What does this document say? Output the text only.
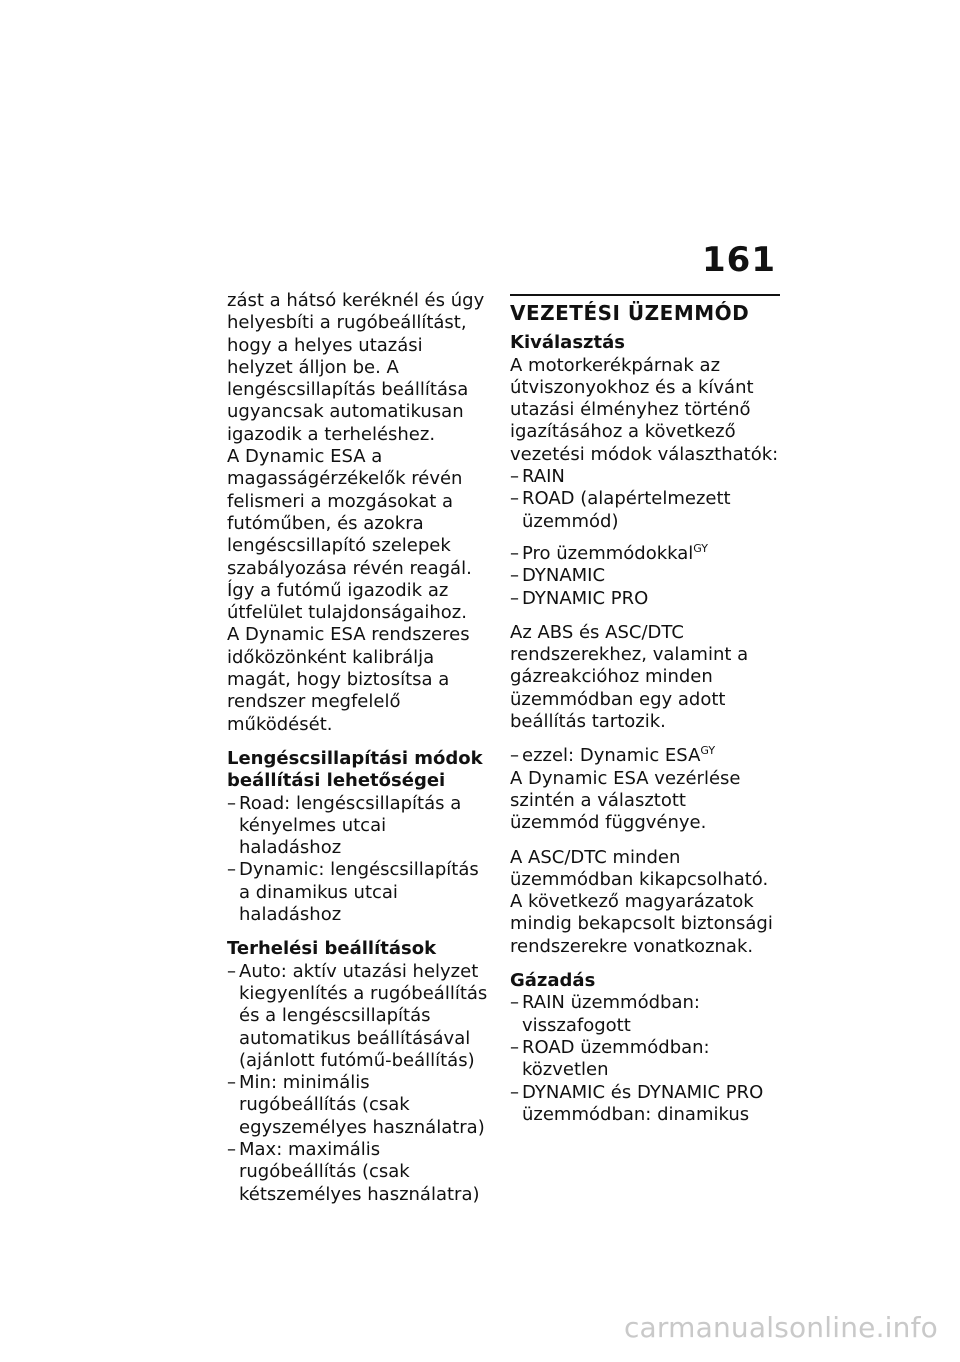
161

zást a hátsó keréknél és úgy helyesbíti a rugóbeállítást, hogy a helyes utazási helyzet álljon be. A lengéscsillapítás beállítása ugyancsak automatikusan igazodik a terheléshez.

A Dynamic ESA a magasságérzékelők révén felismeri a mozgásokat a futóműben, és azokra lengéscsillapító szelepek szabályozása révén reagál. Így a futómű igazodik az útfelület tulajdonságaihoz.

A Dynamic ESA rendszeres időközönként kalibrálja magát, hogy biztosítsa a rendszer megfelelő működését.

Lengéscsillapítási módok beállítási lehetőségei

– Road: lengéscsillapítás a kényelmes utcai haladáshoz
– Dynamic: lengéscsillapítás a dinamikus utcai haladáshoz

Terhelési beállítások

– Auto: aktív utazási helyzet kiegyenlítés a rugóbeállítás és a lengéscsillapítás automatikus beállításával (ajánlott futómű-beállítás)
– Min: minimális rugóbeállítás (csak egyszemélyes használatra)
– Max: maximális rugóbeállítás (csak kétszemélyes használatra)
VEZETÉSI ÜZEMMÓD

Kiválasztás

A motorkerékpárnak az útviszonyokhoz és a kívánt utazási élményhez történő igazításához a következő vezetési módok választhatók:

– RAIN
– ROAD (alapértelmezett üzemmód)
– Pro üzemmódokkal$^{GY}$
– DYNAMIC
– DYNAMIC PRO

Az ABS és ASC/DTC rendszerekhez, valamint a gázreakcióhoz minden üzemmódban egy adott beállítás tartozik.

– ezzel: Dynamic $ESA^{GY}$

A Dynamic ESA vezérlése szintén a választott üzemmód függvénye.

A ASC/DTC minden üzemmódban kikapcsolható. A következő magyarázatok mindig bekapcsolt biztonsági rendszerekre vonatkoznak.

Gázadás

– RAIN üzemmódban: visszafogott
– ROAD üzemmódban: közvetlen
– DYNAMIC és DYNAMIC PRO üzemmódban: dinamikus
carmanualsonline.info
